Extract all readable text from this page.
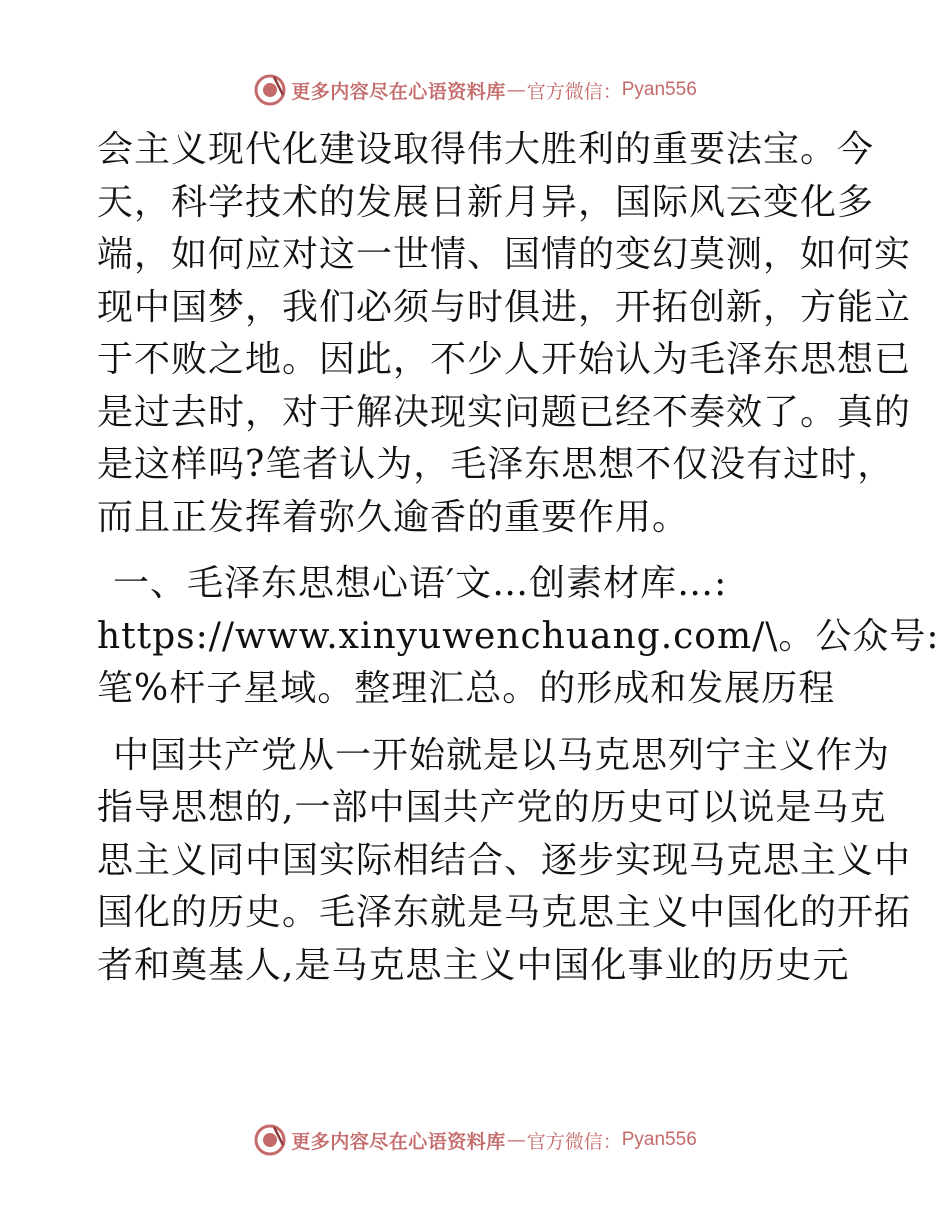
更多内容尽在心语资料库 — 官方微信： Pyan556
会主义现代化建设取得伟大胜利的重要法宝。今
天，科学技术的发展日新月异，国际风云变化多
端，如何应对这一世情、国情的变幻莫测，如何实
现中国梦，我们必须与时俱进，开拓创新，方能立
于不败之地。因此，不少人开始认为毛泽东思想已
是过去时，对于解决现实问题已经不奏效了。真的
是这样吗?笔者认为，毛泽东思想不仅没有过时，
而且正发挥着弥久逾香的重要作用。
一、毛泽东思想心语′文…创素材库…:
https://www.xinyuwenchuang.com/\。公众号:
笔%杆子星域。整理汇总。的形成和发展历程
中国共产党从一开始就是以马克思列宁主义作为
指导思想的,一部中国共产党的历史可以说是马克
思主义同中国实际相结合、逐步实现马克思主义中
国化的历史。毛泽东就是马克思主义中国化的开拓
者和奠基人,是马克思主义中国化事业的历史元
更多内容尽在心语资料库 — 官方微信： Pyan556
